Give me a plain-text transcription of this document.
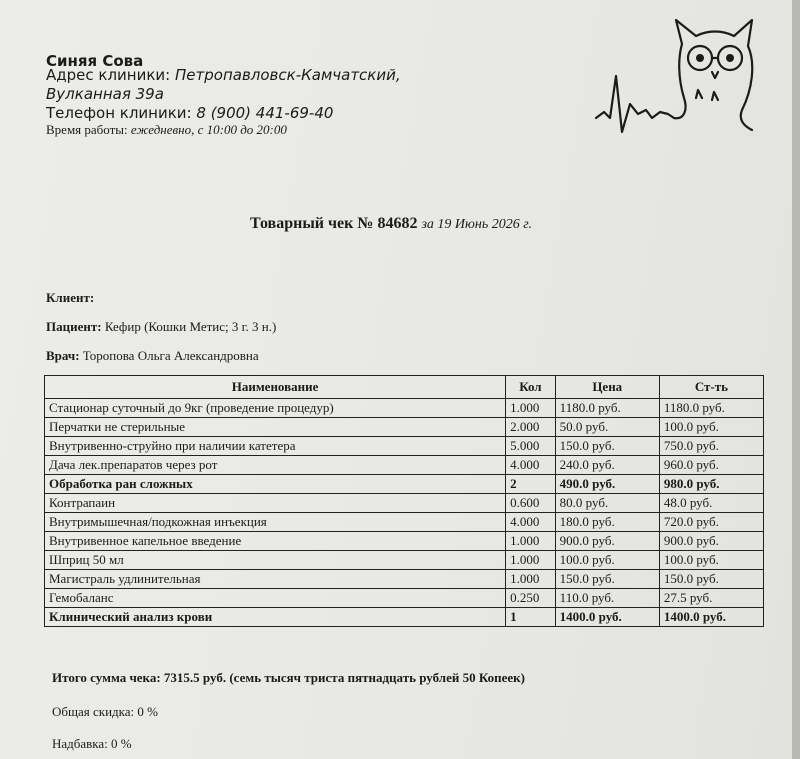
Синяя Сова
Адрес клиники: Петропавловск-Камчатский, Вулканная 39а
Телефон клиники: 8 (900) 441-69-40
Время работы: ежедневно, с 10:00 до 20:00
Товарный чек № 84682 за 19 Июнь 2026 г.
Клиент:
Пациент: Кефир (Кошки Метис; 3 г. 3 н.)
Врач: Торопова Ольга Александровна
Наименование	Кол	Цена	Ст-ть
Стационар суточный до 9кг (проведение процедур)	1.000	1180.0 руб.	1180.0 руб.
Перчатки не стерильные	2.000	50.0 руб.	100.0 руб.
Внутривенно-струйно при наличии катетера	5.000	150.0 руб.	750.0 руб.
Дача лек.препаратов через рот	4.000	240.0 руб.	960.0 руб.
Обработка ран сложных	2	490.0 руб.	980.0 руб.
Контрапаин	0.600	80.0 руб.	48.0 руб.
Внутримышечная/подкожная инъекция	4.000	180.0 руб.	720.0 руб.
Внутривенное капельное введение	1.000	900.0 руб.	900.0 руб.
Шприц 50 мл	1.000	100.0 руб.	100.0 руб.
Магистраль удлинительная	1.000	150.0 руб.	150.0 руб.
Гемобаланс	0.250	110.0 руб.	27.5 руб.
Клинический анализ крови	1	1400.0 руб.	1400.0 руб.
Итого сумма чека: 7315.5 руб. (семь тысяч триста пятнадцать рублей 50 Копеек)
Общая скидка: 0 %
Надбавка: 0 %
